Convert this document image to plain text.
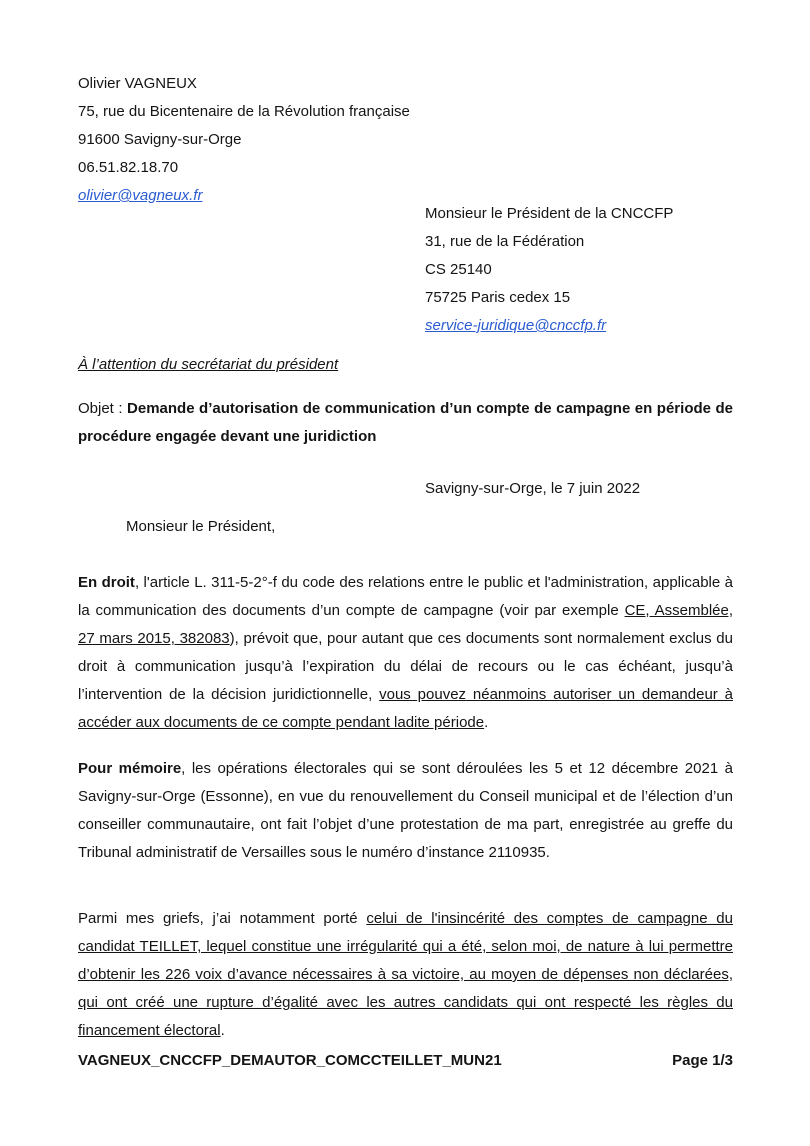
Olivier VAGNEUX
75, rue du Bicentenaire de la Révolution française
91600 Savigny-sur-Orge
06.51.82.18.70
olivier@vagneux.fr
Monsieur le Président de la CNCCFP
31, rue de la Fédération
CS 25140
75725 Paris cedex 15
service-juridique@cnccfp.fr
À l’attention du secrétariat du président
Objet : Demande d’autorisation de communication d’un compte de campagne en période de procédure engagée devant une juridiction
Savigny-sur-Orge, le 7 juin 2022
Monsieur le Président,
En droit, l'article L. 311-5-2°-f du code des relations entre le public et l'administration, applicable à la communication des documents d’un compte de campagne (voir par exemple CE, Assemblée, 27 mars 2015, 382083), prévoit que, pour autant que ces documents sont normalement exclus du droit à communication jusqu’à l’expiration du délai de recours ou le cas échéant, jusqu’à l’intervention de la décision juridictionnelle, vous pouvez néanmoins autoriser un demandeur à accéder aux documents de ce compte pendant ladite période.
Pour mémoire, les opérations électorales qui se sont déroulées les 5 et 12 décembre 2021 à Savigny-sur-Orge (Essonne), en vue du renouvellement du Conseil municipal et de l’élection d’un conseiller communautaire, ont fait l’objet d’une protestation de ma part, enregistrée au greffe du Tribunal administratif de Versailles sous le numéro d’instance 2110935.
Parmi mes griefs, j’ai notamment porté celui de l'insincérité des comptes de campagne du candidat TEILLET, lequel constitue une irrégularité qui a été, selon moi, de nature à lui permettre d’obtenir les 226 voix d’avance nécessaires à sa victoire, au moyen de dépenses non déclarées, qui ont créé une rupture d’égalité avec les autres candidats qui ont respecté les règles du financement électoral.
VAGNEUX_CNCCFP_DEMAUTOR_COMCCTEILLET_MUN21	Page 1/3
